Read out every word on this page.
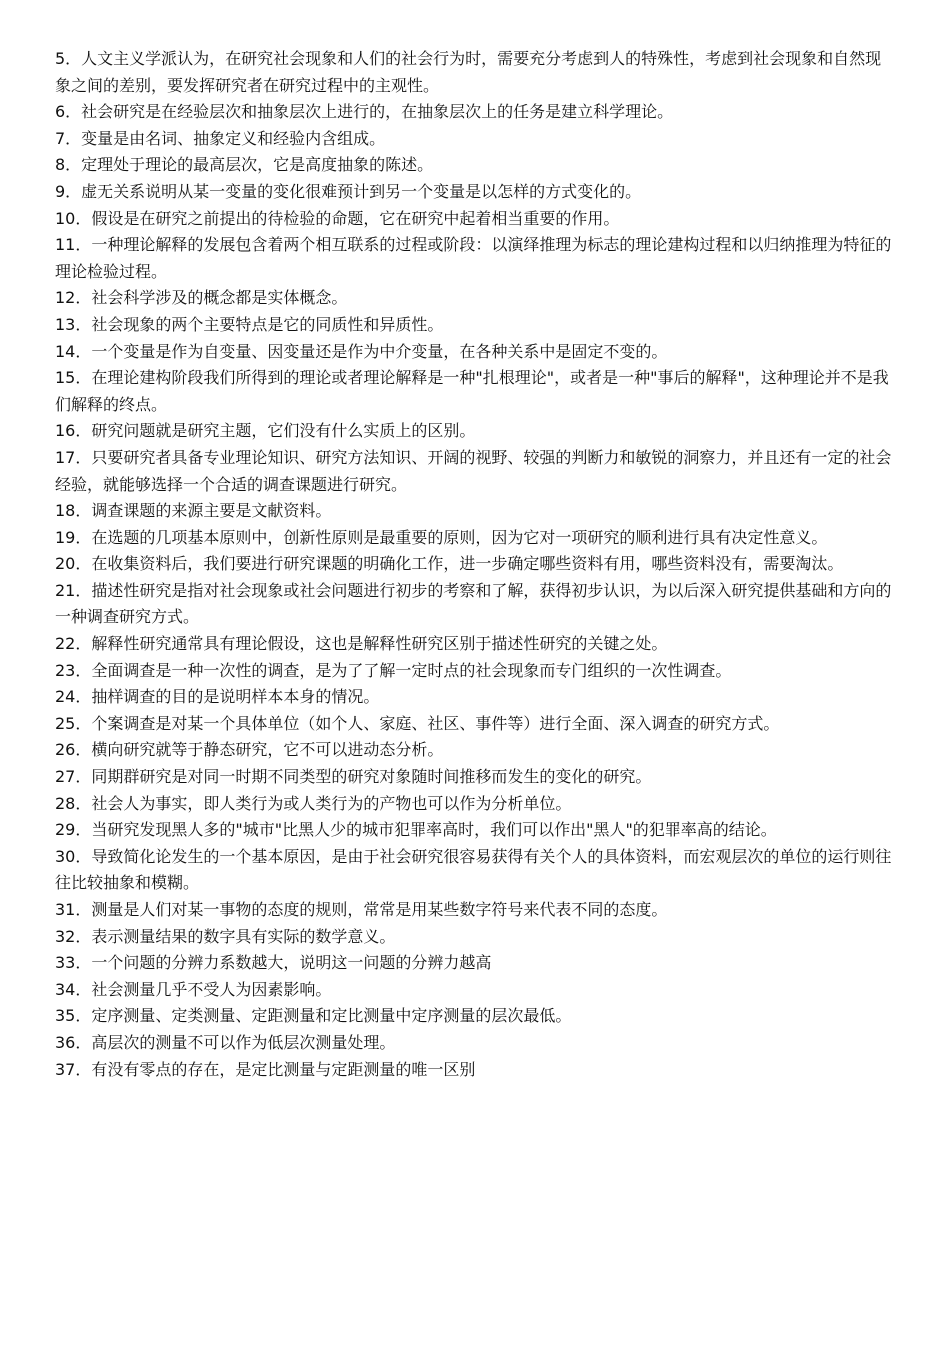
5．人文主义学派认为，在研究社会现象和人们的社会行为时，需要充分考虑到人的特殊性，考虑到社会现象和自然现象之间的差别，要发挥研究者在研究过程中的主观性。

6．社会研究是在经验层次和抽象层次上进行的，在抽象层次上的任务是建立科学理论。

7．变量是由名词、抽象定义和经验内含组成。

8．定理处于理论的最高层次，它是高度抽象的陈述。

9．虚无关系说明从某一变量的变化很难预计到另一个变量是以怎样的方式变化的。

10．假设是在研究之前提出的待检验的命题，它在研究中起着相当重要的作用。

11．一种理论解释的发展包含着两个相互联系的过程或阶段：以演绎推理为标志的理论建构过程和以归纳推理为特征的理论检验过程。

12．社会科学涉及的概念都是实体概念。

13．社会现象的两个主要特点是它的同质性和异质性。

14．一个变量是作为自变量、因变量还是作为中介变量，在各种关系中是固定不变的。

15．在理论建构阶段我们所得到的理论或者理论解释是一种"扎根理论"，或者是一种"事后的解释"，这种理论并不是我们解释的终点。

16．研究问题就是研究主题，它们没有什么实质上的区别。

17．只要研究者具备专业理论知识、研究方法知识、开阔的视野、较强的判断力和敏锐的洞察力，并且还有一定的社会经验，就能够选择一个合适的调查课题进行研究。

18．调查课题的来源主要是文献资料。

19．在选题的几项基本原则中，创新性原则是最重要的原则，因为它对一项研究的顺利进行具有决定性意义。

20．在收集资料后，我们要进行研究课题的明确化工作，进一步确定哪些资料有用，哪些资料没有，需要淘汰。

21．描述性研究是指对社会现象或社会问题进行初步的考察和了解，获得初步认识，为以后深入研究提供基础和方向的一种调查研究方式。

22．解释性研究通常具有理论假设，这也是解释性研究区别于描述性研究的关键之处。

23．全面调查是一种一次性的调查，是为了了解一定时点的社会现象而专门组织的一次性调查。

24．抽样调查的目的是说明样本本身的情况。

25．个案调查是对某一个具体单位（如个人、家庭、社区、事件等）进行全面、深入调查的研究方式。

26．横向研究就等于静态研究，它不可以进动态分析。

27．同期群研究是对同一时期不同类型的研究对象随时间推移而发生的变化的研究。

28．社会人为事实，即人类行为或人类行为的产物也可以作为分析单位。

29．当研究发现黑人多的"城市"比黑人少的城市犯罪率高时，我们可以作出"黑人"的犯罪率高的结论。

30．导致简化论发生的一个基本原因，是由于社会研究很容易获得有关个人的具体资料，而宏观层次的单位的运行则往往比较抽象和模糊。

31．测量是人们对某一事物的态度的规则，常常是用某些数字符号来代表不同的态度。

32．表示测量结果的数字具有实际的数学意义。

33．一个问题的分辨力系数越大，说明这一问题的分辨力越高

34．社会测量几乎不受人为因素影响。

35．定序测量、定类测量、定距测量和定比测量中定序测量的层次最低。

36．高层次的测量不可以作为低层次测量处理。

37．有没有零点的存在，是定比测量与定距测量的唯一区别
